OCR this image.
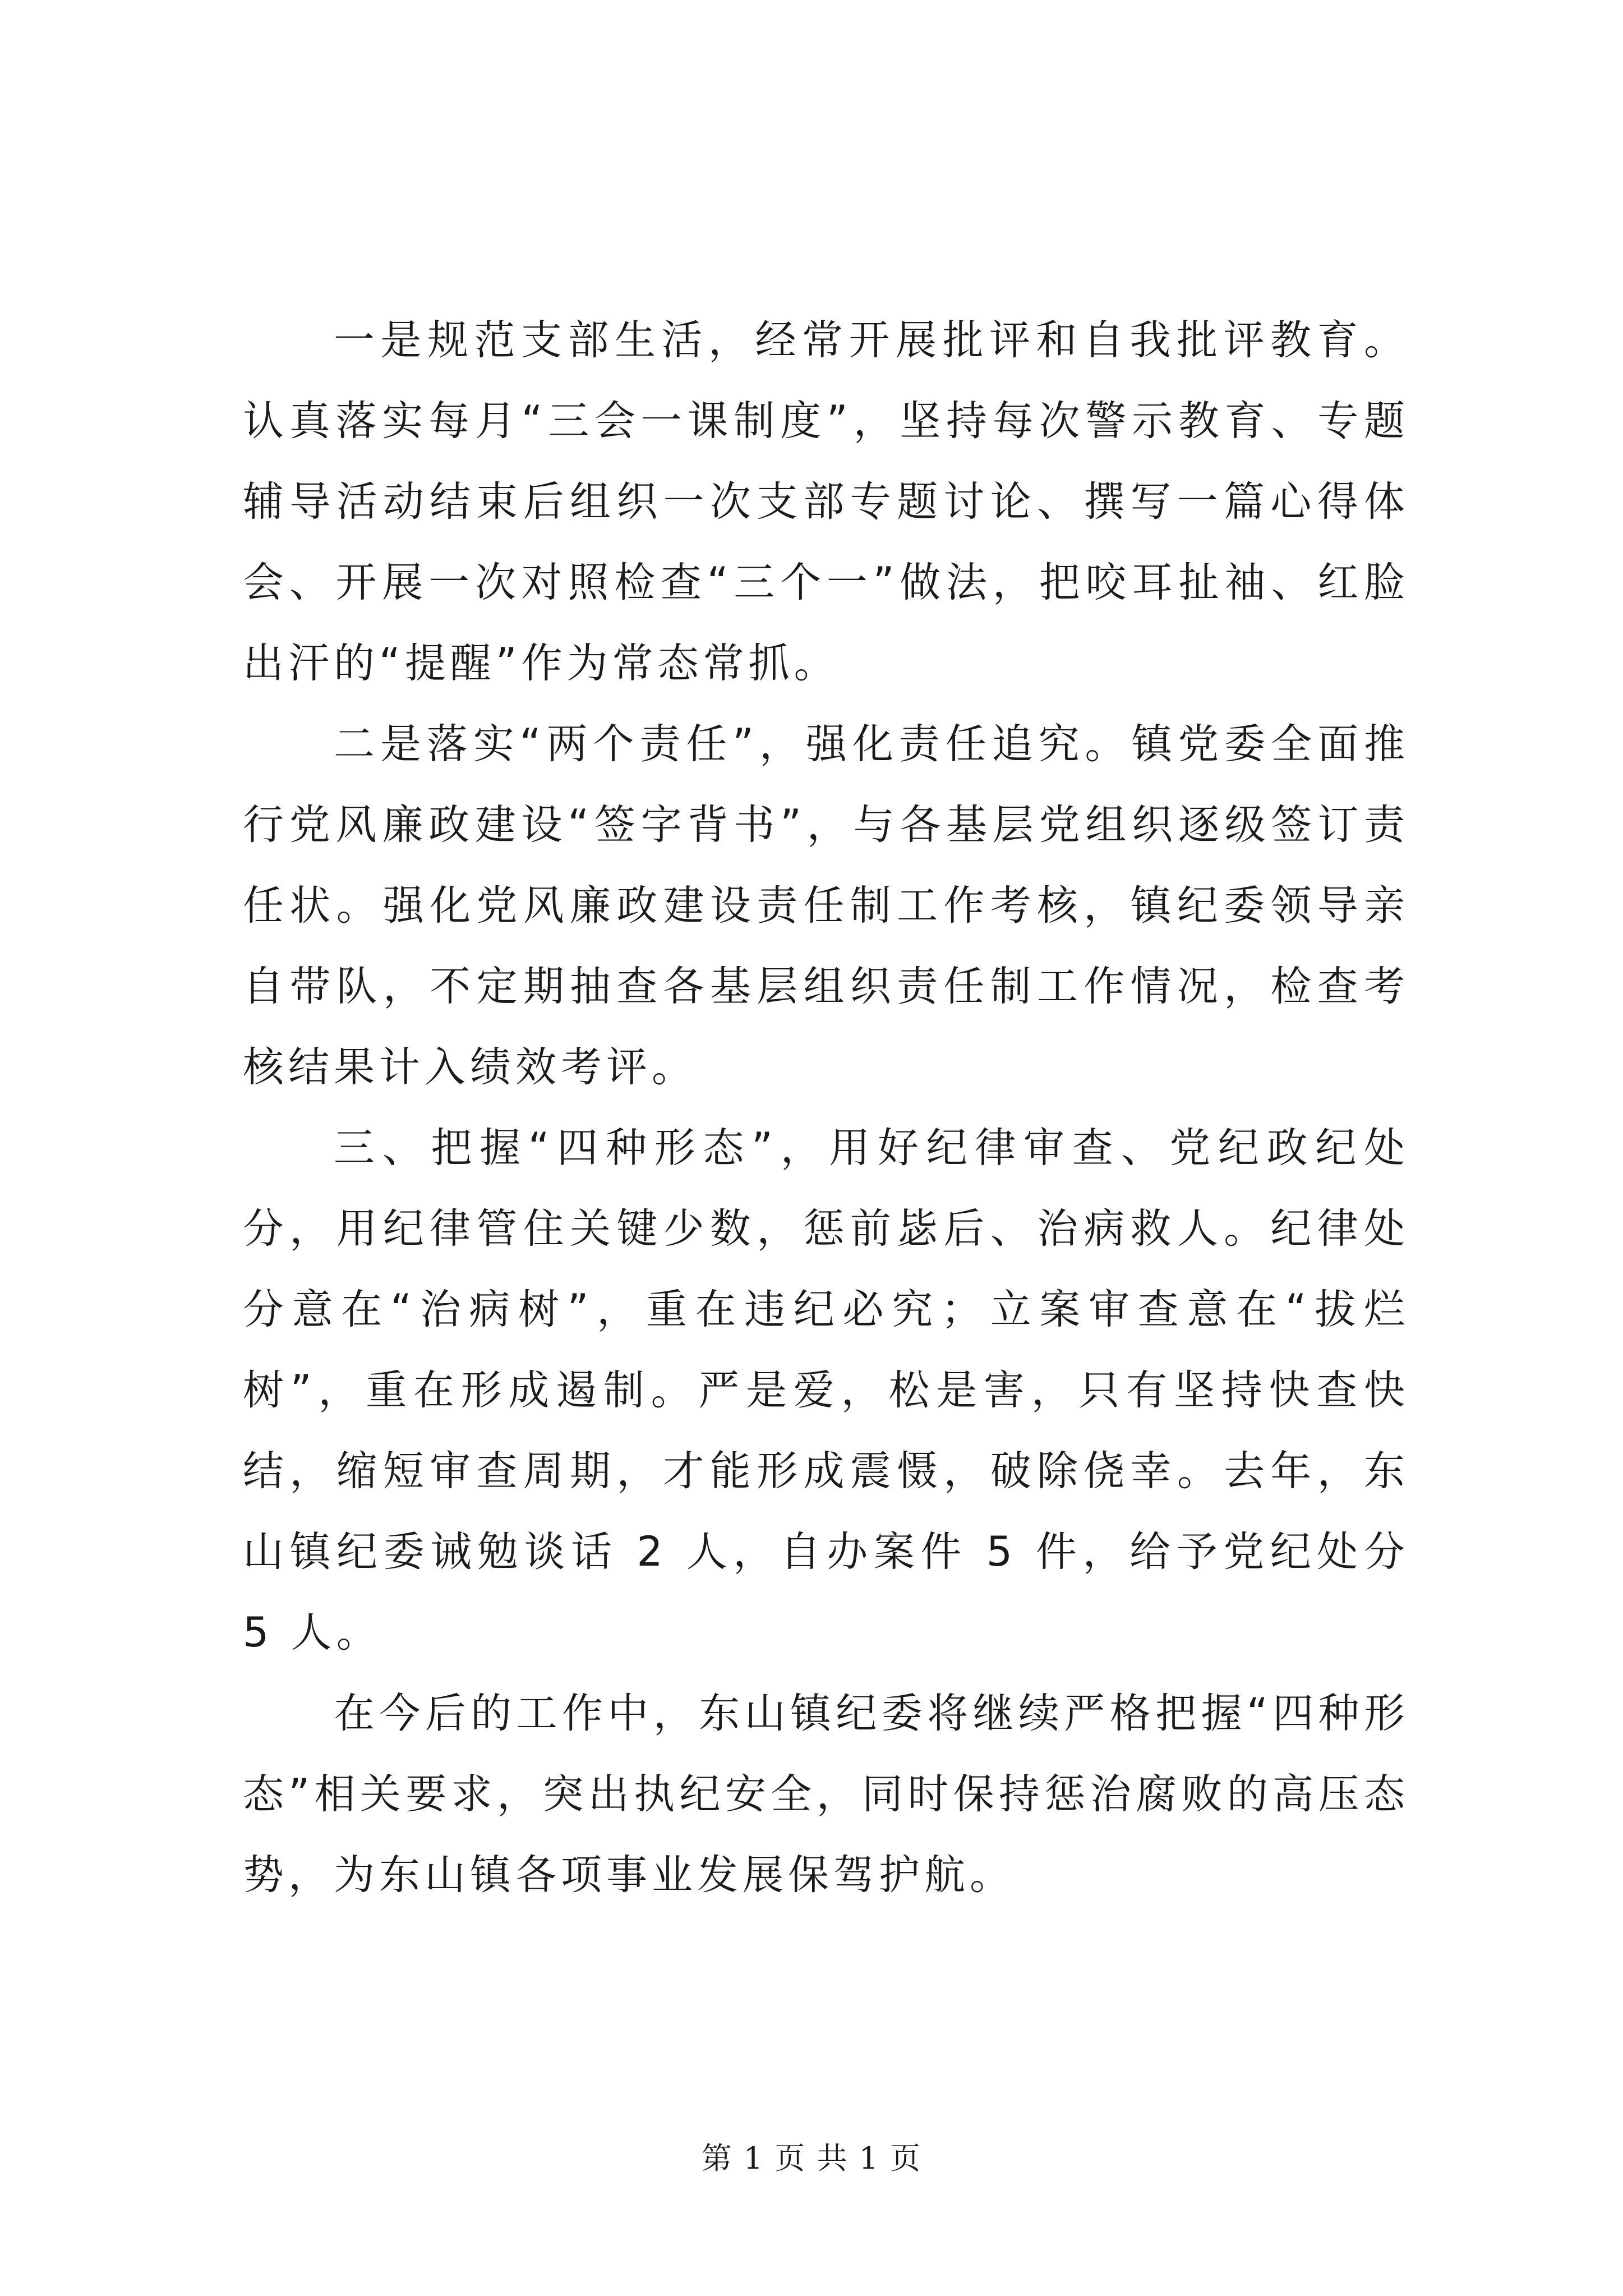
一是规范支部生活，经常开展批评和自我批评教育。认真落实每月“三会一课制度”，坚持每次警示教育、专题辅导活动结束后组织一次支部专题讨论、撰写一篇心得体会、开展一次对照检查“三个一”做法，把咬耳扯袖、红脸出汗的“提醒”作为常态常抓。

二是落实“两个责任”，强化责任追究。镇党委全面推行党风廉政建设“签字背书”，与各基层党组织逐级签订责任状。强化党风廉政建设责任制工作考核，镇纪委领导亲自带队，不定期抽查各基层组织责任制工作情况，检查考核结果计入绩效考评。

三、把握“四种形态”，用好纪律审查、党纪政纪处分，用纪律管住关键少数，惩前毖后、治病救人。纪律处分意在“治病树”，重在违纪必究；立案审查意在“拔烂树”，重在形成遏制。严是爱，松是害，只有坚持快查快结，缩短审查周期，才能形成震慑，破除侥幸。去年，东山镇纪委诫勉谈话 2 人，自办案件 5 件，给予党纪处分 5 人。

在今后的工作中，东山镇纪委将继续严格把握“四种形态”相关要求，突出执纪安全，同时保持惩治腐败的高压态势，为东山镇各项事业发展保驾护航。

第 1 页 共 1 页
